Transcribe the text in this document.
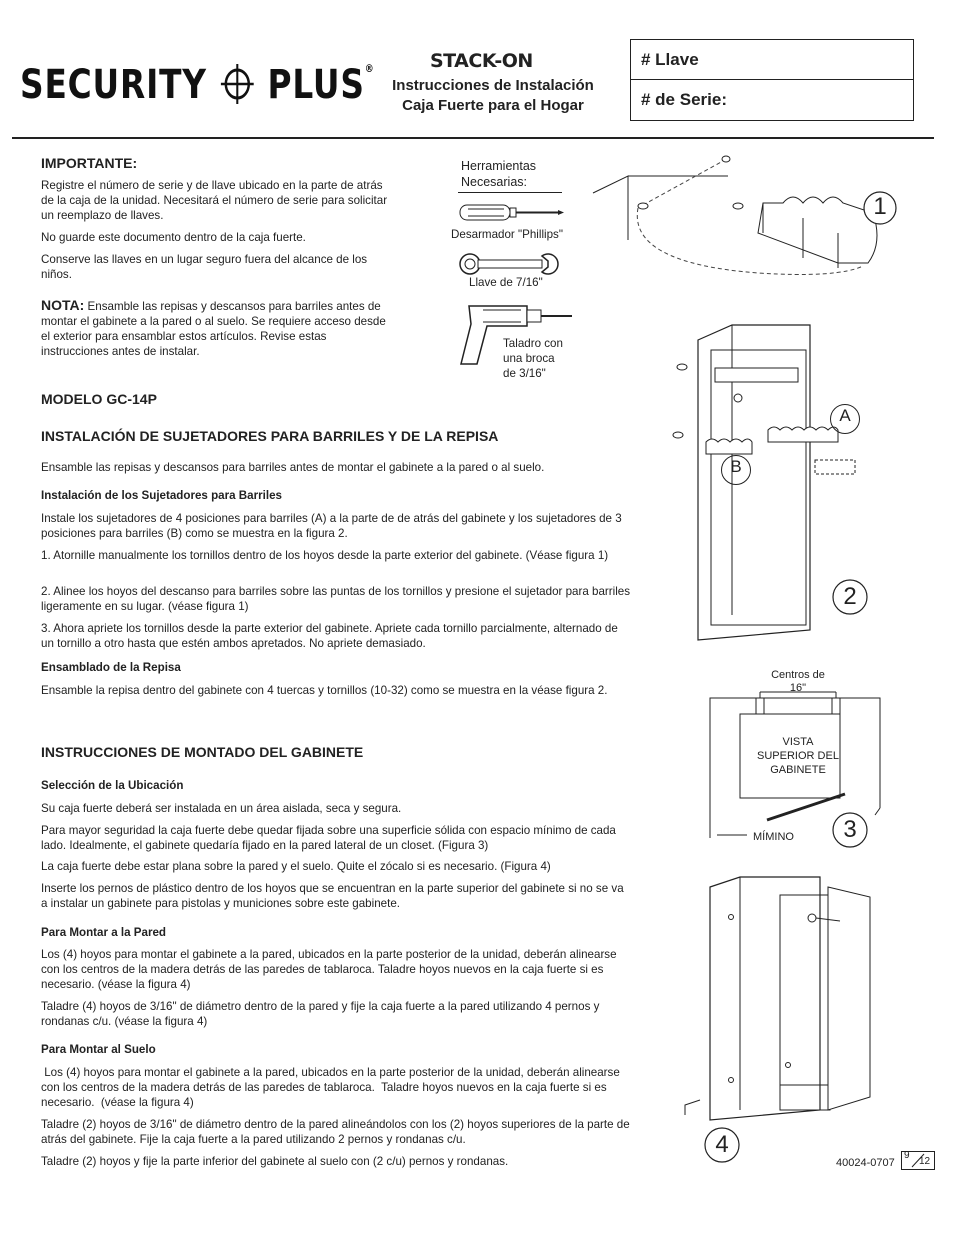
SECURITY PLUS®	STACK-ON
Instrucciones de Instalación
Caja Fuerte para el Hogar
# Llave
# de Serie:
IMPORTANTE:
Registre el número de serie y de llave ubicado en la parte de atrás de la caja de la unidad. Necesitará el número de serie para solicitar un reemplazo de llaves.
No guarde este documento dentro de la caja fuerte.
Conserve las llaves en un lugar seguro fuera del alcance de los niños.
NOTA: Ensamble las repisas y descansos para barriles antes de montar el gabinete a la pared o al suelo. Se requiere acceso desde el exterior para ensamblar estos artículos. Revise estas instrucciones antes de instalar.
Herramientas
Necesarias:
Desarmador "Phillips"
Llave de 7/16"
Taladro con
una broca
de 3/16"
MODELO GC-14P
INSTALACIÓN DE SUJETADORES PARA BARRILES Y DE LA REPISA
Ensamble las repisas y descansos para barriles antes de montar el gabinete a la pared o al suelo.
Instalación de los Sujetadores para Barriles
Instale los sujetadores de 4 posiciones para barriles (A) a la parte de de atrás del gabinete y los sujetadores de 3 posiciones para barriles (B) como se muestra en la figura 2.
1. Atornille manualmente los tornillos dentro de los hoyos desde la parte exterior del gabinete. (Véase figura 1)
2. Alinee los hoyos del descanso para barriles sobre las puntas de los tornillos y presione el sujetador para barriles ligeramente en su lugar. (véase figura 1)
3. Ahora apriete los tornillos desde la parte exterior del gabinete. Apriete cada tornillo parcialmente, alternado de un tornillo a otro hasta que estén ambos apretados. No apriete demasiado.
Ensamblado de la Repisa
Ensamble la repisa dentro del gabinete con 4 tuercas y tornillos (10-32) como se muestra en la véase figura 2.
INSTRUCCIONES DE MONTADO DEL GABINETE
Selección de la Ubicación
Su caja fuerte deberá ser instalada en un área aislada, seca y segura.
Para mayor seguridad la caja fuerte debe quedar fijada sobre una superficie sólida con espacio mínimo de cada lado. Idealmente, el gabinete quedaría fijado en la pared lateral de un closet. (Figura 3)
La caja fuerte debe estar plana sobre la pared y el suelo. Quite el zócalo si es necesario. (Figura 4)
Inserte los pernos de plástico dentro de los hoyos que se encuentran en la parte superior del gabinete si no se va a instalar un gabinete para pistolas y municiones sobre este gabinete.
Para Montar a la Pared
Los (4) hoyos para montar el gabinete a la pared, ubicados en la parte posterior de la unidad, deberán alinearse con los centros de la madera detrás de las paredes de tablaroca. Taladre hoyos nuevos en la caja fuerte si es necesario. (véase la figura 4)
Taladre (4) hoyos de 3/16" de diámetro dentro de la pared y fije la caja fuerte a la pared utilizando 4 pernos y rondanas c/u. (véase la figura 4)
Para Montar al Suelo
Los (4) hoyos para montar el gabinete a la pared, ubicados en la parte posterior de la unidad, deberán alinearse con los centros de la madera detrás de las paredes de tablaroca.  Taladre hoyos nuevos en la caja fuerte si es necesario.  (véase la figura 4)
Taladre (2) hoyos de 3/16" de diámetro dentro de la pared alineándolos con los (2) hoyos superiores de la parte de atrás del gabinete. Fije la caja fuerte a la pared utilizando 2 pernos y rondanas c/u.
Taladre (2) hoyos y fije la parte inferior del gabinete al suelo con (2 c/u) pernos y rondanas.
1
A
B
2
Centros de
16"
VISTA
SUPERIOR DEL
GABINETE
MÍMINO	3
4
40024-0707
9
12
